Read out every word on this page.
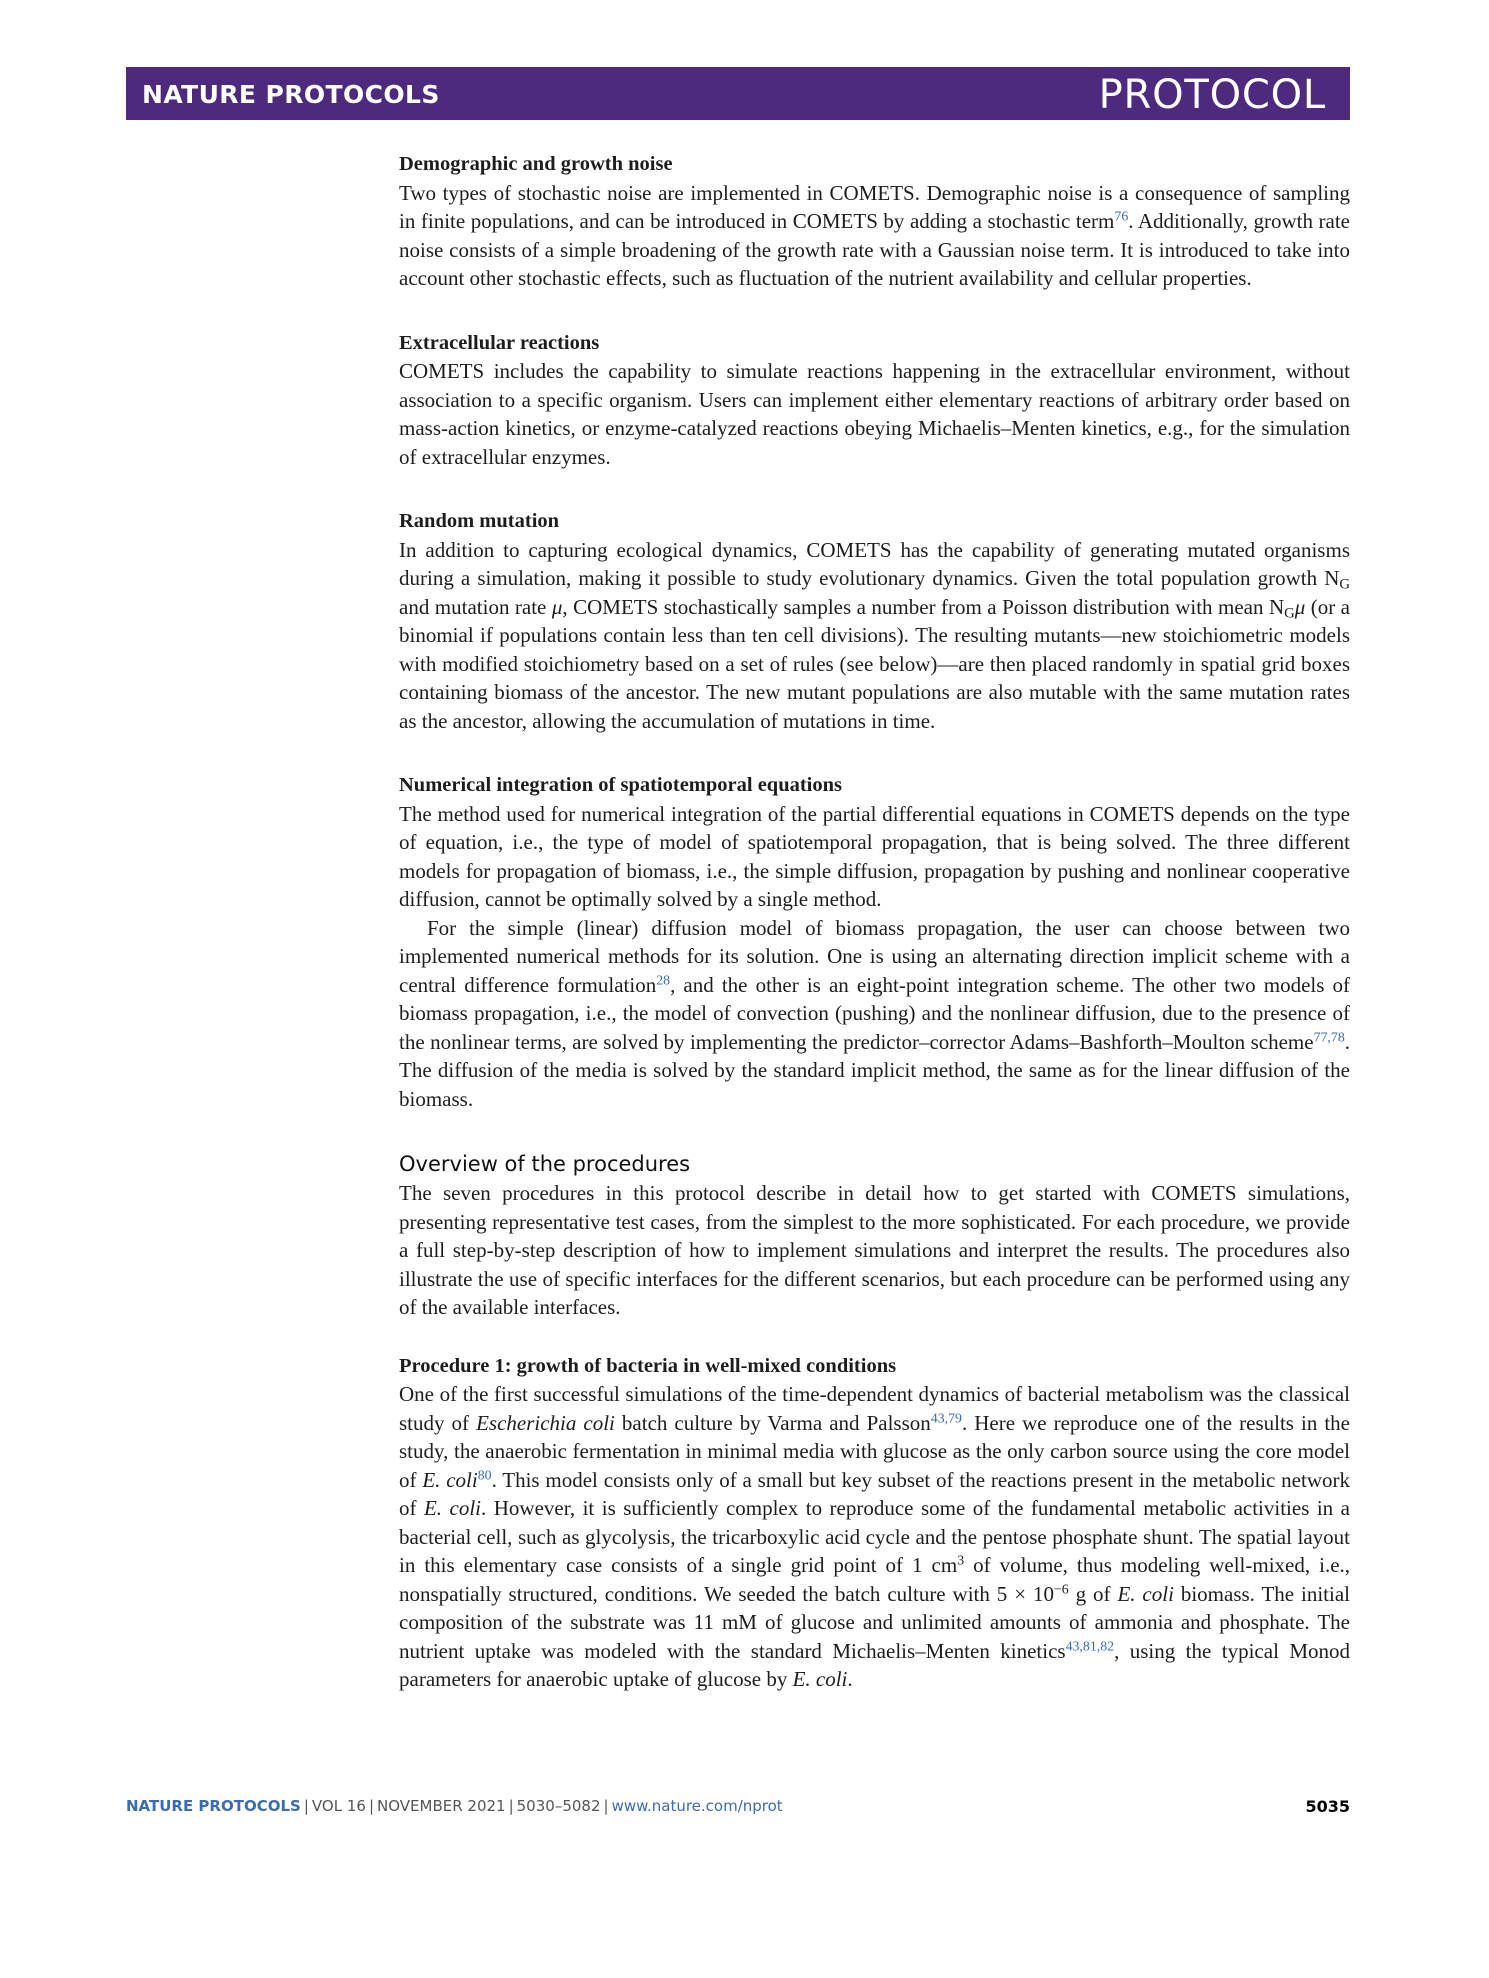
NATURE PROTOCOLS	PROTOCOL
Demographic and growth noise

Two types of stochastic noise are implemented in COMETS. Demographic noise is a consequence of sampling in finite populations, and can be introduced in COMETS by adding a stochastic term$^{76}$. Additionally, growth rate noise consists of a simple broadening of the growth rate with a Gaussian noise term. It is introduced to take into account other stochastic effects, such as fluctuation of the nutrient availability and cellular properties.

Extracellular reactions

COMETS includes the capability to simulate reactions happening in the extracellular environment, without association to a specific organism. Users can implement either elementary reactions of arbitrary order based on mass-action kinetics, or enzyme-catalyzed reactions obeying Michaelis–Menten kinetics, e.g., for the simulation of extracellular enzymes.

Random mutation

In addition to capturing ecological dynamics, COMETS has the capability of generating mutated organisms during a simulation, making it possible to study evolutionary dynamics. Given the total population growth $N_G$ and mutation rate μ, COMETS stochastically samples a number from a Poisson distribution with mean $N_G\mu$ (or a binomial if populations contain less than ten cell divisions). The resulting mutants—new stoichiometric models with modified stoichiometry based on a set of rules (see below)—are then placed randomly in spatial grid boxes containing biomass of the ancestor. The new mutant populations are also mutable with the same mutation rates as the ancestor, allowing the accumulation of mutations in time.

Numerical integration of spatiotemporal equations

The method used for numerical integration of the partial differential equations in COMETS depends on the type of equation, i.e., the type of model of spatiotemporal propagation, that is being solved. The three different models for propagation of biomass, i.e., the simple diffusion, propagation by pushing and nonlinear cooperative diffusion, cannot be optimally solved by a single method.

For the simple (linear) diffusion model of biomass propagation, the user can choose between two implemented numerical methods for its solution. One is using an alternating direction implicit scheme with a central difference formulation$^{28}$, and the other is an eight-point integration scheme. The other two models of biomass propagation, i.e., the model of convection (pushing) and the nonlinear diffusion, due to the presence of the nonlinear terms, are solved by implementing the predictor–corrector Adams–Bashforth–Moulton scheme$^{77,78}$. The diffusion of the media is solved by the standard implicit method, the same as for the linear diffusion of the biomass.

Overview of the procedures

The seven procedures in this protocol describe in detail how to get started with COMETS simulations, presenting representative test cases, from the simplest to the more sophisticated. For each procedure, we provide a full step-by-step description of how to implement simulations and interpret the results. The procedures also illustrate the use of specific interfaces for the different scenarios, but each procedure can be performed using any of the available interfaces.

Procedure 1: growth of bacteria in well-mixed conditions

One of the first successful simulations of the time-dependent dynamics of bacterial metabolism was the classical study of Escherichia coli batch culture by Varma and Palsson$^{43,79}$. Here we reproduce one of the results in the study, the anaerobic fermentation in minimal media with glucose as the only carbon source using the core model of E. coli$^{80}$. This model consists only of a small but key subset of the reactions present in the metabolic network of E. coli. However, it is sufficiently complex to reproduce some of the fundamental metabolic activities in a bacterial cell, such as glycolysis, the tricarboxylic acid cycle and the pentose phosphate shunt. The spatial layout in this elementary case consists of a single grid point of 1 $cm^3$ of volume, thus modeling well-mixed, i.e., nonspatially structured, conditions. We seeded the batch culture with $5 \times 10^{-6}$ g of E. coli biomass. The initial composition of the substrate was 11 mM of glucose and unlimited amounts of ammonia and phosphate. The nutrient uptake was modeled with the standard Michaelis–Menten kinetics$^{43,81,82}$, using the typical Monod parameters for anaerobic uptake of glucose by E. coli.

NATURE PROTOCOLS | VOL 16 | NOVEMBER 2021 | 5030–5082 | www.nature.com/nprot	5035
